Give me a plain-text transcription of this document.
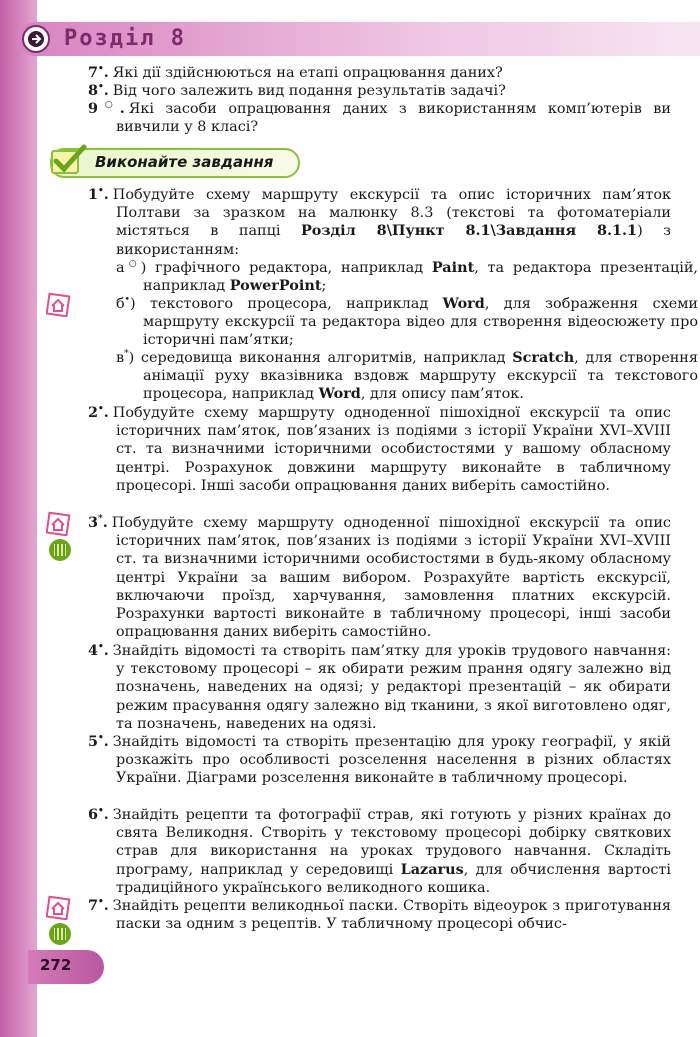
Розділ 8
7•. Які дії здійснюються на етапі опрацювання даних?
8•. Від чого залежить вид подання результатів задачі?
9○. Які засоби опрацювання даних з використанням комп’ютерів ви вивчили у 8 класі?
Виконайте завдання
1•. Побудуйте схему маршруту екскурсії та опис історичних пам’яток Полтави за зразком на малюнку 8.3 (текстові та фотоматеріали містяться в папці Розділ 8\Пункт 8.1\Завдання 8.1.1) з використанням:
а○) графічного редактора, наприклад Paint, та редактора презентацій, наприклад PowerPoint;
б•) текстового процесора, наприклад Word, для зображення схеми маршруту екскурсії та редактора відео для створення відеосюжету про історичні пам’ятки;
в*) середовища виконання алгоритмів, наприклад Scratch, для створення анімації руху вказівника вздовж маршруту екскурсії та текстового процесора, наприклад Word, для опису пам’яток.
2•. Побудуйте схему маршруту одноденної пішохідної екскурсії та опис історичних пам’яток, пов’язаних із подіями з історії України XVI–XVIII ст. та визначними історичними особистостями у вашому обласному центрі. Розрахунок довжини маршруту виконайте в табличному процесорі. Інші засоби опрацювання даних виберіть самостійно.
3*. Побудуйте схему маршруту одноденної пішохідної екскурсії та опис історичних пам’яток, пов’язаних із подіями з історії України XVI–XVIII ст. та визначними історичними особистостями в будь-якому обласному центрі України за вашим вибором. Розрахуйте вартість екскурсії, включаючи проїзд, харчування, замовлення платних екскурсій. Розрахунки вартості виконайте в табличному процесорі, інші засоби опрацювання даних виберіть самостійно.
4•. Знайдіть відомості та створіть пам’ятку для уроків трудового навчання: у текстовому процесорі – як обирати режим прання одягу залежно від позначень, наведених на одязі; у редакторі презентацій – як обирати режим прасування одягу залежно від тканини, з якої виготовлено одяг, та позначень, наведених на одязі.
5•. Знайдіть відомості та створіть презентацію для уроку географії, у якій розкажіть про особливості розселення населення в різних областях України. Діаграми розселення виконайте в табличному процесорі.
6•. Знайдіть рецепти та фотографії страв, які готують у різних країнах до свята Великодня. Створіть у текстовому процесорі добірку святкових страв для використання на уроках трудового навчання. Складіть програму, наприклад у середовищі Lazarus, для обчислення вартості традиційного українського великодного кошика.
7•. Знайдіть рецепти великодньої паски. Створіть відеоурок з приготування паски за одним з рецептів. У табличному процесорі обчис-
272
